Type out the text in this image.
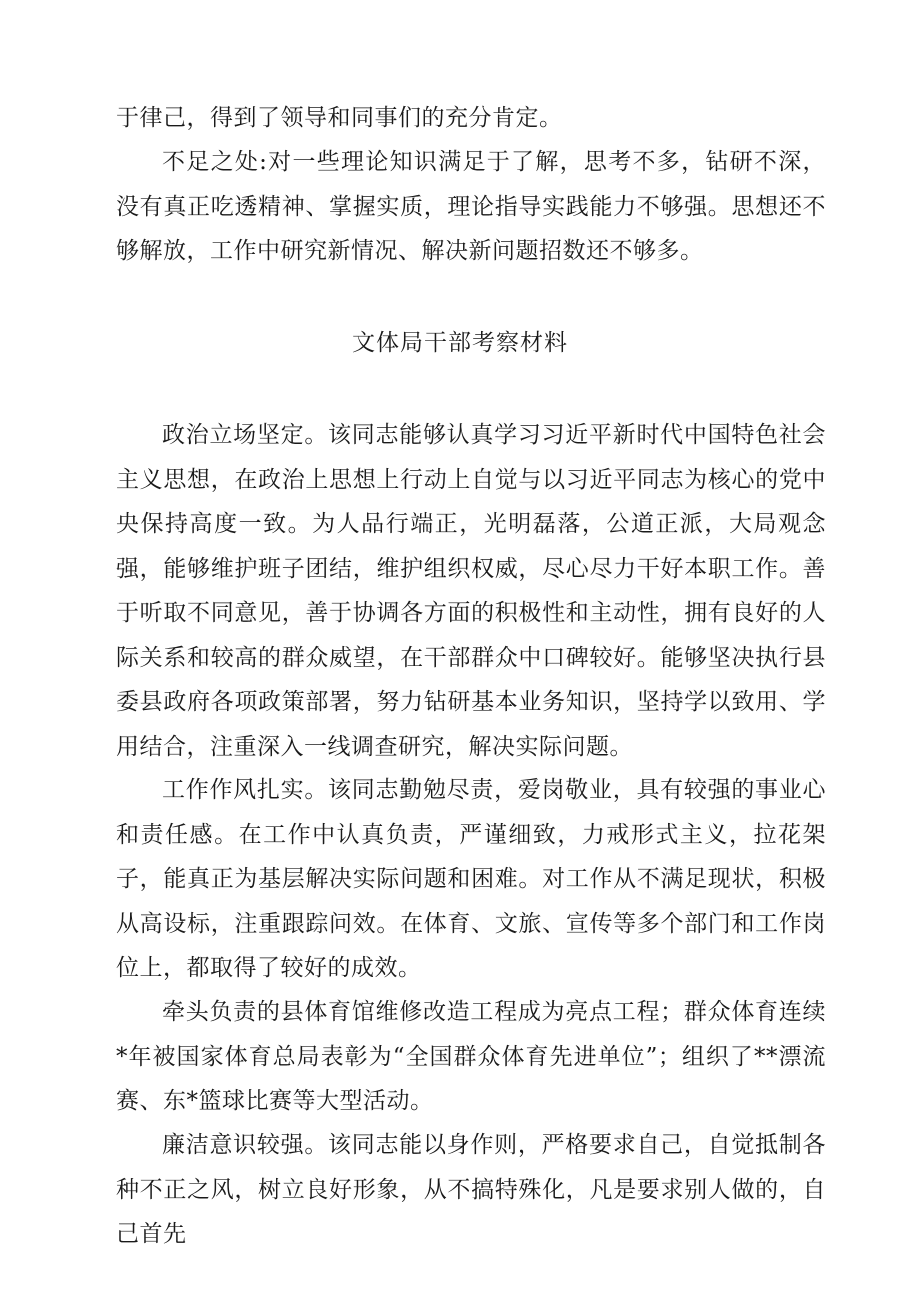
于律己，得到了领导和同事们的充分肯定。

不足之处:对一些理论知识满足于了解，思考不多，钻研不深，没有真正吃透精神、掌握实质，理论指导实践能力不够强。思想还不够解放，工作中研究新情况、解决新问题招数还不够多。

文体局干部考察材料

政治立场坚定。该同志能够认真学习习近平新时代中国特色社会主义思想，在政治上思想上行动上自觉与以习近平同志为核心的党中央保持高度一致。为人品行端正，光明磊落，公道正派，大局观念强，能够维护班子团结，维护组织权威，尽心尽力干好本职工作。善于听取不同意见，善于协调各方面的积极性和主动性，拥有良好的人际关系和较高的群众威望，在干部群众中口碑较好。能够坚决执行县委县政府各项政策部署，努力钻研基本业务知识，坚持学以致用、学用结合，注重深入一线调查研究，解决实际问题。

工作作风扎实。该同志勤勉尽责，爱岗敬业，具有较强的事业心和责任感。在工作中认真负责，严谨细致，力戒形式主义，拉花架子，能真正为基层解决实际问题和困难。对工作从不满足现状，积极从高设标，注重跟踪问效。在体育、文旅、宣传等多个部门和工作岗位上，都取得了较好的成效。

牵头负责的县体育馆维修改造工程成为亮点工程；群众体育连续*年被国家体育总局表彰为“全国群众体育先进单位”；组织了**漂流赛、东*篮球比赛等大型活动。

廉洁意识较强。该同志能以身作则，严格要求自己，自觉抵制各种不正之风，树立良好形象，从不搞特殊化，凡是要求别人做的，自己首先
